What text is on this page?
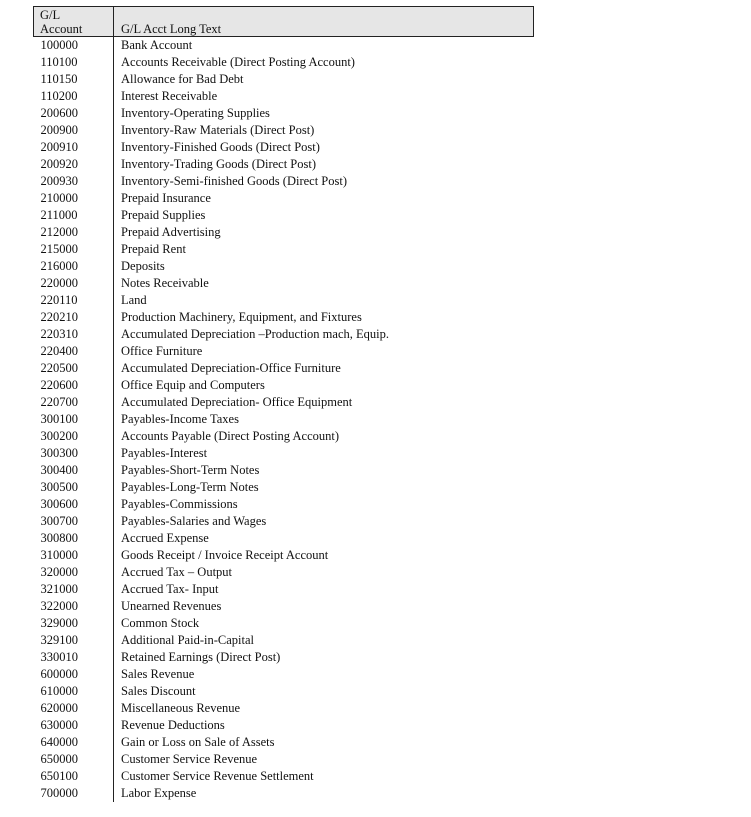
G/L
Account	G/L Acct Long Text
100000	Bank Account
110100	Accounts Receivable (Direct Posting Account)
110150	Allowance for Bad Debt
110200	Interest Receivable
200600	Inventory-Operating Supplies
200900	Inventory-Raw Materials (Direct Post)
200910	Inventory-Finished Goods (Direct Post)
200920	Inventory-Trading Goods (Direct Post)
200930	Inventory-Semi-finished Goods (Direct Post)
210000	Prepaid Insurance
211000	Prepaid Supplies
212000	Prepaid Advertising
215000	Prepaid Rent
216000	Deposits
220000	Notes Receivable
220110	Land
220210	Production Machinery, Equipment, and Fixtures
220310	Accumulated Depreciation –Production mach, Equip.
220400	Office Furniture
220500	Accumulated Depreciation-Office Furniture
220600	Office Equip and Computers
220700	Accumulated Depreciation- Office Equipment
300100	Payables-Income Taxes
300200	Accounts Payable (Direct Posting Account)
300300	Payables-Interest
300400	Payables-Short-Term Notes
300500	Payables-Long-Term Notes
300600	Payables-Commissions
300700	Payables-Salaries and Wages
300800	Accrued Expense
310000	Goods Receipt / Invoice Receipt Account
320000	Accrued Tax – Output
321000	Accrued Tax- Input
322000	Unearned Revenues
329000	Common Stock
329100	Additional Paid-in-Capital
330010	Retained Earnings (Direct Post)
600000	Sales Revenue
610000	Sales Discount
620000	Miscellaneous Revenue
630000	Revenue Deductions
640000	Gain or Loss on Sale of Assets
650000	Customer Service Revenue
650100	Customer Service Revenue Settlement
700000	Labor Expense
